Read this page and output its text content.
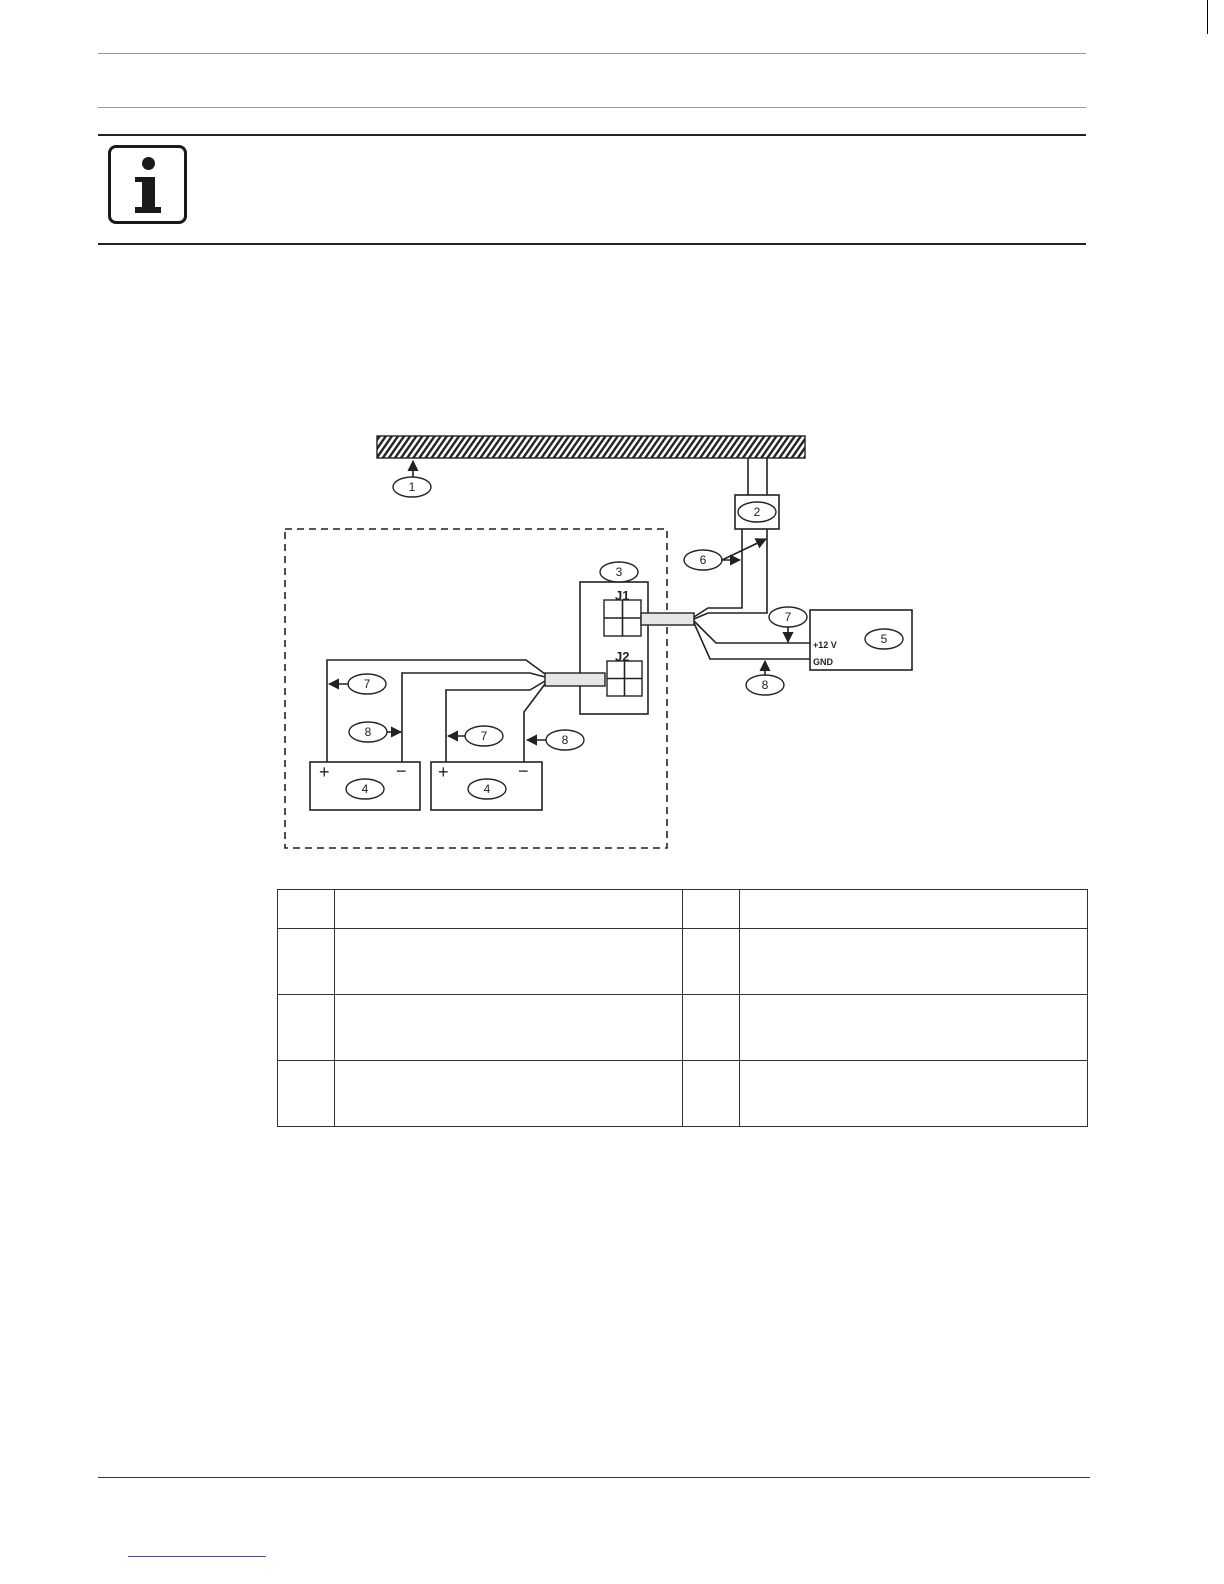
+	− +	−
J1
J2
+12 V
GND
1
2
3
6
7
5
8
7
8	7	8
4	4
